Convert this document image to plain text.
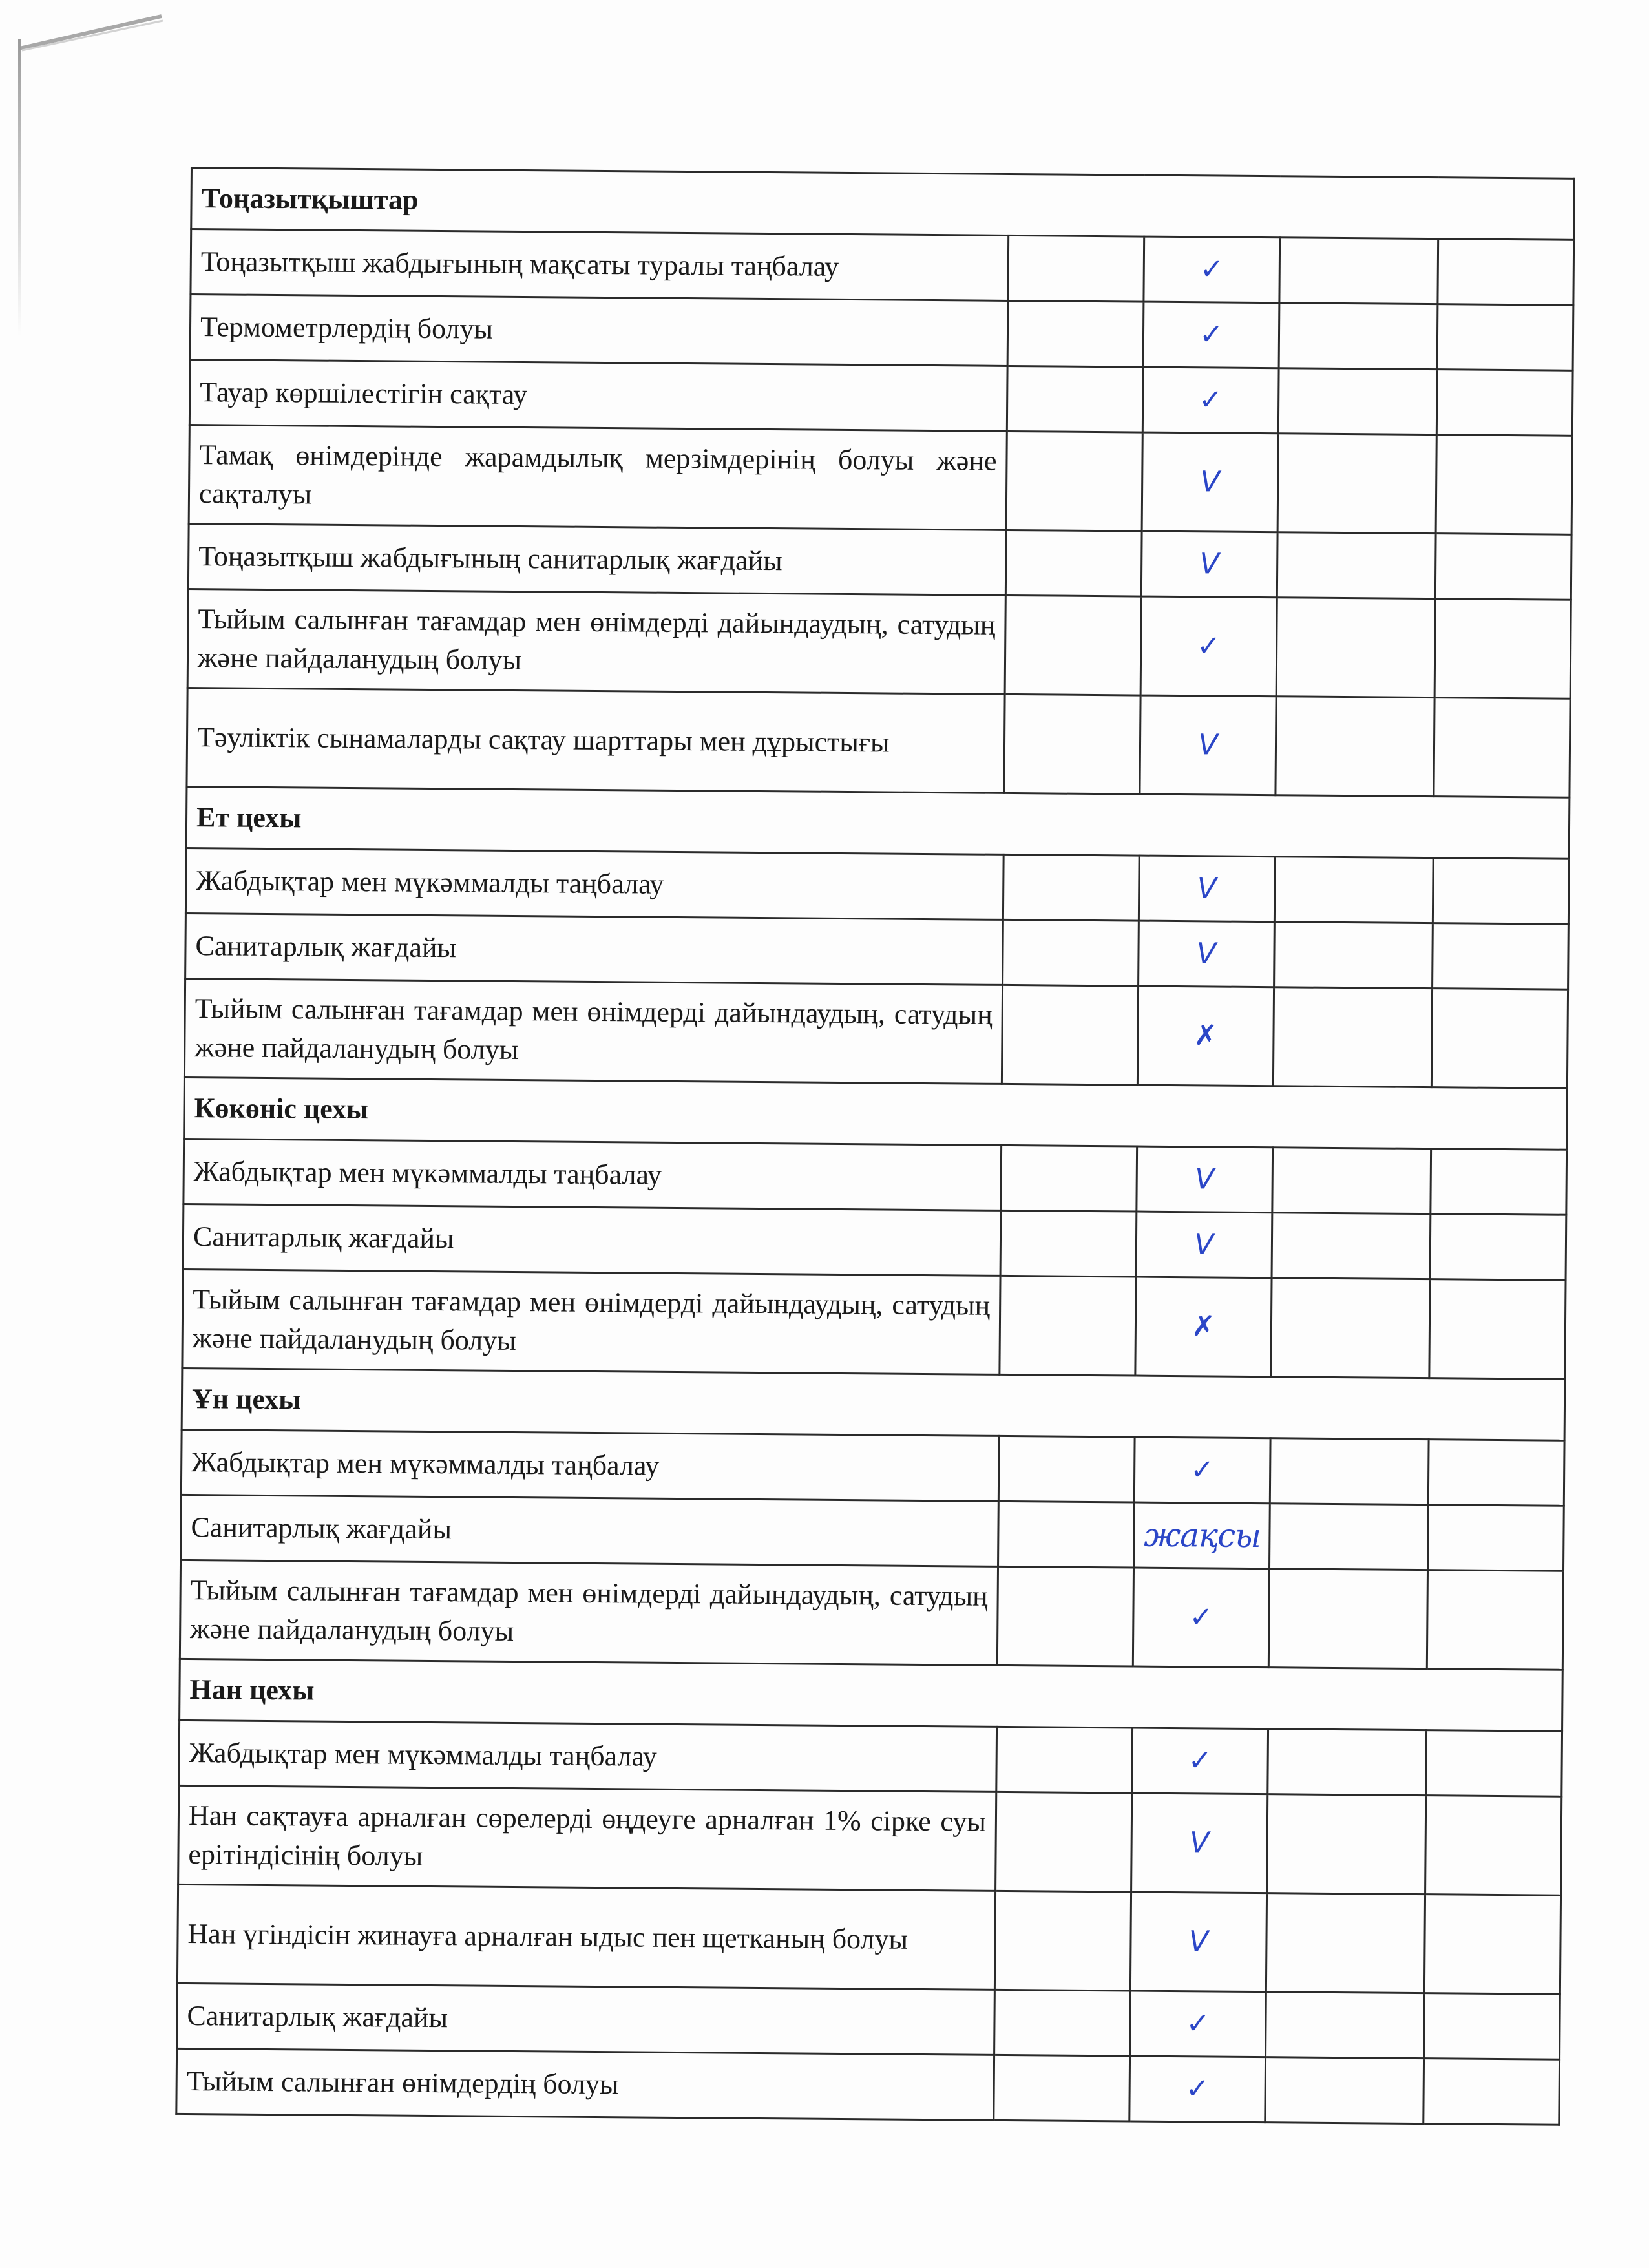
Тоңазытқыштар				
Тоңазытқыш жабдығының мақсаты туралы таңбалау		✓		
Термометрлердің болуы		✓		
Тауар көршілестігін сақтау		✓		
Тамақ өнімдерінде жарамдылық мерзімдерінің болуы және сақталуы		V		
Тоңазытқыш жабдығының санитарлық жағдайы		V		
Тыйым салынған тағамдар мен өнімдерді дайындаудың, сатудың және пайдаланудың болуы		✓		
Тәуліктік сынамаларды сақтау шарттары мен дұрыстығы		V		
Ет цехы				
Жабдықтар мен мүкәммалды таңбалау		V		
Санитарлық жағдайы		V		
Тыйым салынған тағамдар мен өнімдерді дайындаудың, сатудың және пайдаланудың болуы		✗		
Көкөніс цехы				
Жабдықтар мен мүкәммалды таңбалау		V		
Санитарлық жағдайы		V		
Тыйым салынған тағамдар мен өнімдерді дайындаудың, сатудың және пайдаланудың болуы		✗		
Ұн цехы				
Жабдықтар мен мүкәммалды таңбалау		✓		
Санитарлық жағдайы		жақсы		
Тыйым салынған тағамдар мен өнімдерді дайындаудың, сатудың және пайдаланудың болуы		✓		
Нан цехы				
Жабдықтар мен мүкәммалды таңбалау		✓		
Нан сақтауға арналған сөрелерді өңдеуге арналған 1% сірке суы ерітіндісінің болуы		V		
Нан үгіндісін жинауға арналған ыдыс пен щетканың болуы		V		
Санитарлық жағдайы		✓		
Тыйым салынған өнімдердің болуы		✓		
